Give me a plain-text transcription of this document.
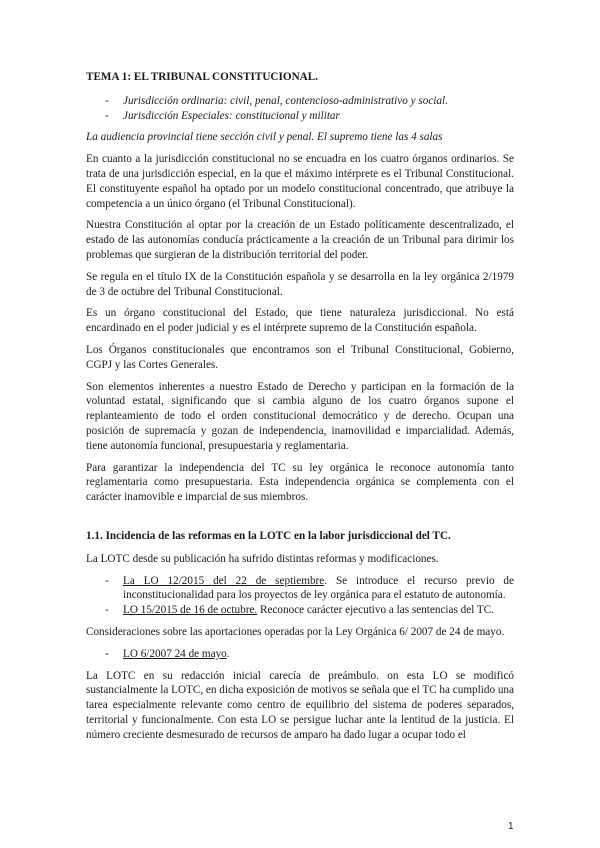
TEMA 1: EL TRIBUNAL CONSTITUCIONAL.
- Jurisdicción ordinaria: civil, penal, contencioso-administrativo y social.
- Jurisdicción Especiales: constitucional y militar

La audiencia provincial tiene sección civil y penal. El supremo tiene las 4 salas

En cuanto a la jurisdicción constitucional no se encuadra en los cuatro órganos ordinarios. Se trata de una jurisdicción especial, en la que el máximo intérprete es el Tribunal Constitucional. El constituyente español ha optado por un modelo constitucional concentrado, que atribuye la competencia a un único órgano (el Tribunal Constitucional).

Nuestra Constitución al optar por la creación de un Estado políticamente descentralizado, el estado de las autonomías conducía prácticamente a la creación de un Tribunal para dirimir los problemas que surgieran de la distribución territorial del poder.

Se regula en el título IX de la Constitución española y se desarrolla en la ley orgánica 2/1979 de 3 de octubre del Tribunal Constitucional.

Es un órgano constitucional del Estado, que tiene naturaleza jurisdiccional. No está encardinado en el poder judicial y es el intérprete supremo de la Constitución española.

Los Órganos constitucionales que encontramos son el Tribunal Constitucional, Gobierno, CGPJ y las Cortes Generales.

Son elementos inherentes a nuestro Estado de Derecho y participan en la formación de la voluntad estatal, significando que si cambia alguno de los cuatro órganos supone el replanteamiento de todo el orden constitucional democrático y de derecho. Ocupan una posición de supremacía y gozan de independencia, inamovilidad e imparcialidad. Además, tiene autonomía funcional, presupuestaria y reglamentaria.

Para garantizar la independencia del TC su ley orgánica le reconoce autonomía tanto reglamentaria como presupuestaria. Esta independencia orgánica se complementa con el carácter inamovible e imparcial de sus miembros.

1.1. Incidencia de las reformas en la LOTC en la labor jurisdiccional del TC.

La LOTC desde su publicación ha sufrido distintas reformas y modificaciones.

- La LO 12/2015 del 22 de septiembre. Se introduce el recurso previo de inconstitucionalidad para los proyectos de ley orgánica para el estatuto de autonomía.
- LO 15/2015 de 16 de octubre. Reconoce carácter ejecutivo a las sentencias del TC.

Consideraciones sobre las aportaciones operadas por la Ley Orgánica 6/ 2007 de 24 de mayo.

- LO 6/2007 24 de mayo.

La LOTC en su redacción inicial carecía de preámbulo. on esta LO se modificó sustancialmente la LOTC, en dicha exposición de motivos se señala que el TC ha cumplido una tarea especialmente relevante como centro de equilibrio del sistema de poderes separados, territorial y funcionalmente. Con esta LO se persigue luchar ante la lentitud de la justicia. El número creciente desmesurado de recursos de amparo ha dado lugar a ocupar todo el

1
